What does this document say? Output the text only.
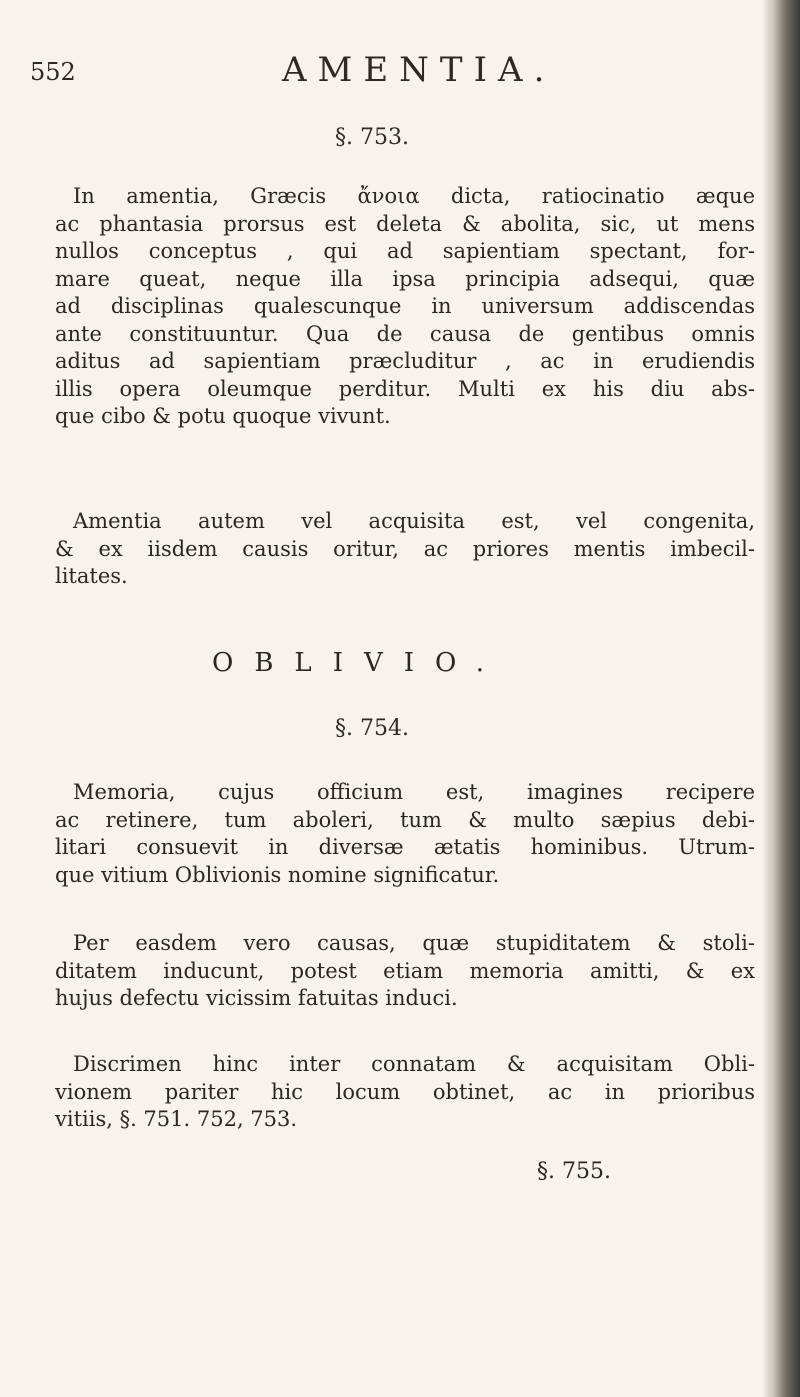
552	AMENTIA.
§. 753.

In amentia, Græcis ἄνοια dicta, ratiocinatio æque
ac phantasia prorsus est deleta & abolita, sic, ut mens
nullos conceptus , qui ad sapientiam spectant, for-
mare queat, neque illa ipsa principia adsequi, quæ
ad disciplinas qualescunque in universum addiscendas
ante constituuntur. Qua de causa de gentibus omnis
aditus ad sapientiam præcluditur , ac in erudiendis
illis opera oleumque perditur. Multi ex his diu abs-
que cibo & potu quoque vivunt.

Amentia autem vel acquisita est, vel congenita,
& ex iisdem causis oritur, ac priores mentis imbecil-
litates.

OBLIVIO.
§. 754.

Memoria, cujus officium est, imagines recipere
ac retinere, tum aboleri, tum & multo sæpius debi-
litari consuevit in diversæ ætatis hominibus. Utrum-
que vitium Oblivionis nomine significatur.

Per easdem vero causas, quæ stupiditatem & stoli-
ditatem inducunt, potest etiam memoria amitti, & ex
hujus defectu vicissim fatuitas induci.

Discrimen hinc inter connatam & acquisitam Obli-
vionem pariter hic locum obtinet, ac in prioribus
vitiis, §. 751. 752, 753.

§. 755.
